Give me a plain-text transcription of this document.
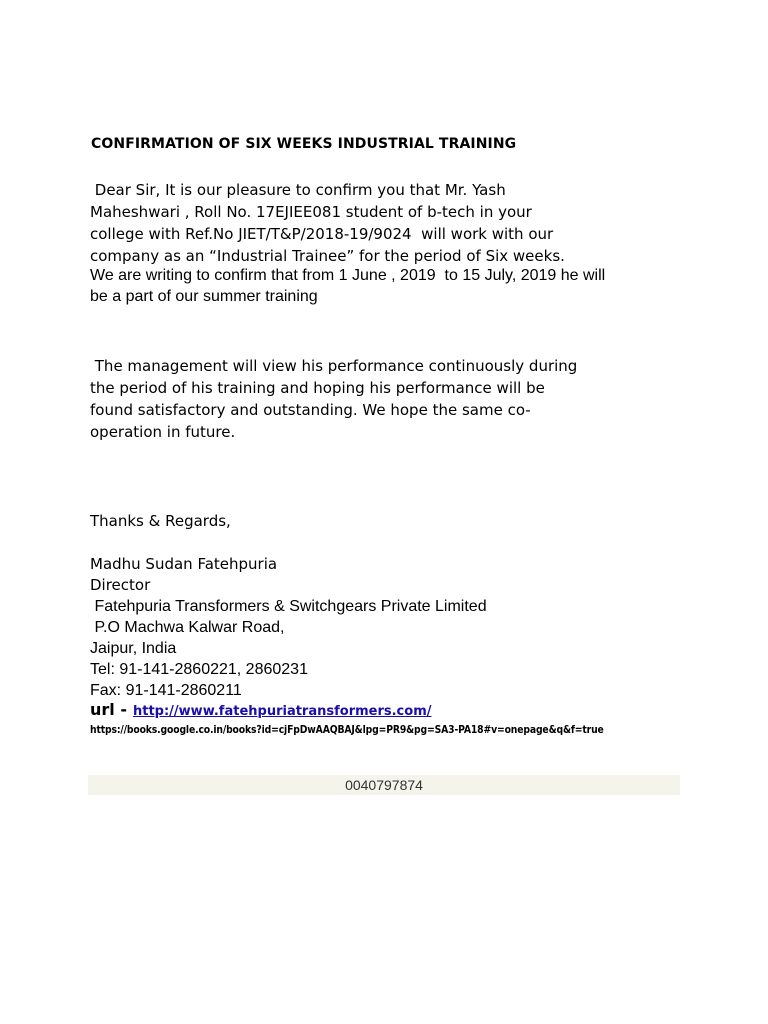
CONFIRMATION OF SIX WEEKS INDUSTRIAL TRAINING
Dear Sir, It is our pleasure to confirm you that Mr. Yash
Maheshwari , Roll No. 17EJIEE081 student of b-tech in your
college with Ref.No JIET/T&P/2018-19/9024  will work with our
company as an “Industrial Trainee” for the period of Six weeks.
We are writing to confirm that from 1 June , 2019  to 15 July, 2019 he will
be a part of our summer training
The management will view his performance continuously during
the period of his training and hoping his performance will be
found satisfactory and outstanding. We hope the same co-
operation in future.
Thanks & Regards,
Madhu Sudan Fatehpuria
Director
Fatehpuria Transformers & Switchgears Private Limited
P.O Machwa Kalwar Road,
Jaipur, India
Tel: 91-141-2860221, 2860231
Fax: 91-141-2860211
url - http://www.fatehpuriatransformers.com/
https://books.google.co.in/books?id=cjFpDwAAQBAJ&lpg=PR9&pg=SA3-PA18#v=onepage&q&f=true
0040797874
